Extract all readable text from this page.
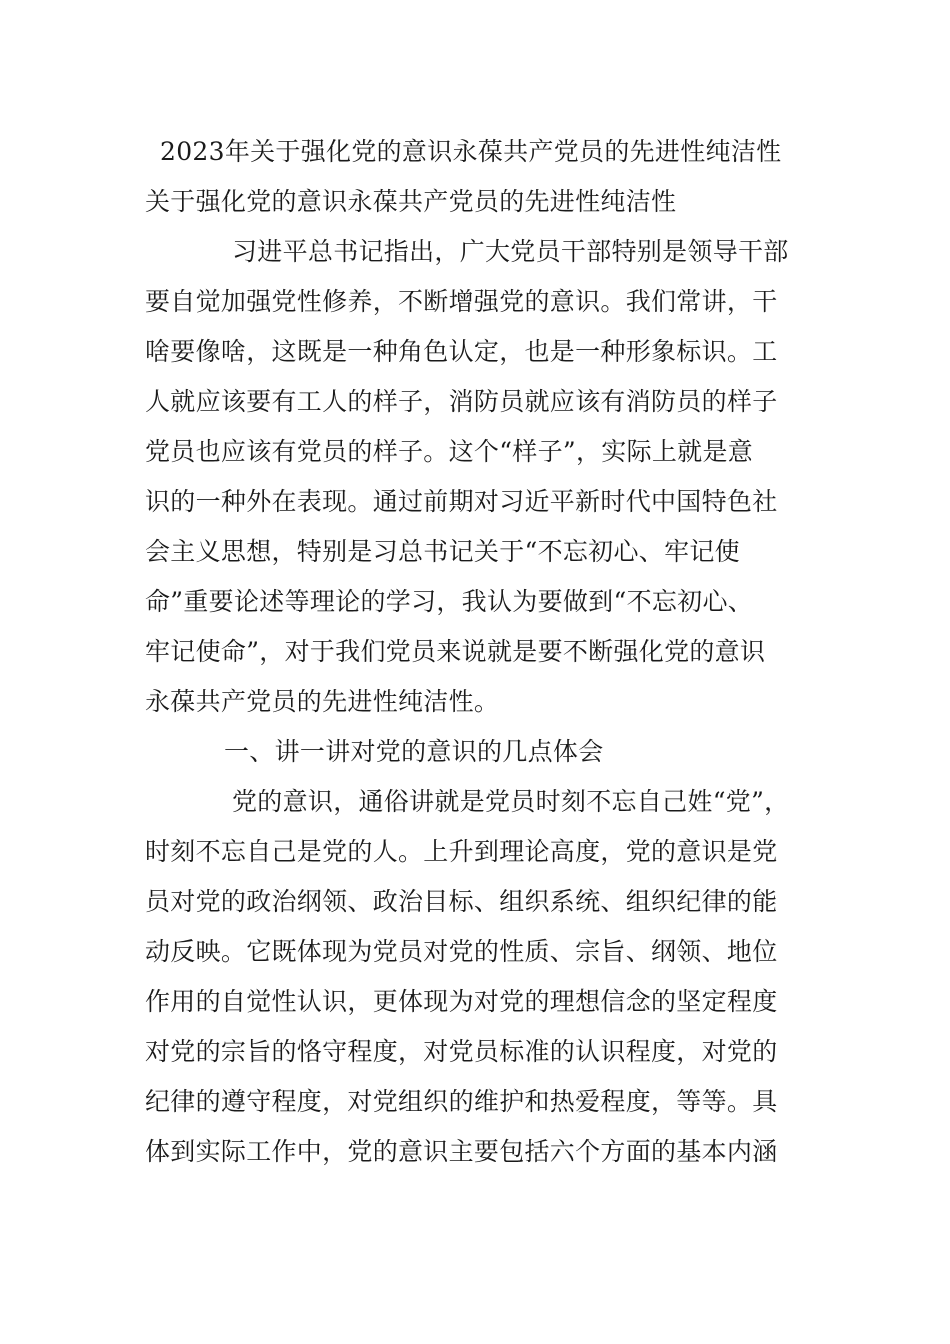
2023年关于强化党的意识永葆共产党员的先进性纯洁性
关于强化党的意识永葆共产党员的先进性纯洁性
习进平总书记指出，广大党员干部特别是领导干部
要自觉加强党性修养，不断增强党的意识。我们常讲，干
啥要像啥，这既是一种角色认定，也是一种形象标识。工
人就应该要有工人的样子，消防员就应该有消防员的样子
党员也应该有党员的样子。这个“样子”，实际上就是意
识的一种外在表现。通过前期对习近平新时代中国特色社
会主义思想，特别是习总书记关于“不忘初心、牢记使
命”重要论述等理论的学习，我认为要做到“不忘初心、
牢记使命”，对于我们党员来说就是要不断强化党的意识
永葆共产党员的先进性纯洁性。
一、讲一讲对党的意识的几点体会
党的意识，通俗讲就是党员时刻不忘自己姓“党”，
时刻不忘自己是党的人。上升到理论高度，党的意识是党
员对党的政治纲领、政治目标、组织系统、组织纪律的能
动反映。它既体现为党员对党的性质、宗旨、纲领、地位
作用的自觉性认识，更体现为对党的理想信念的坚定程度
对党的宗旨的恪守程度，对党员标准的认识程度，对党的
纪律的遵守程度，对党组织的维护和热爱程度，等等。具
体到实际工作中，党的意识主要包括六个方面的基本内涵
